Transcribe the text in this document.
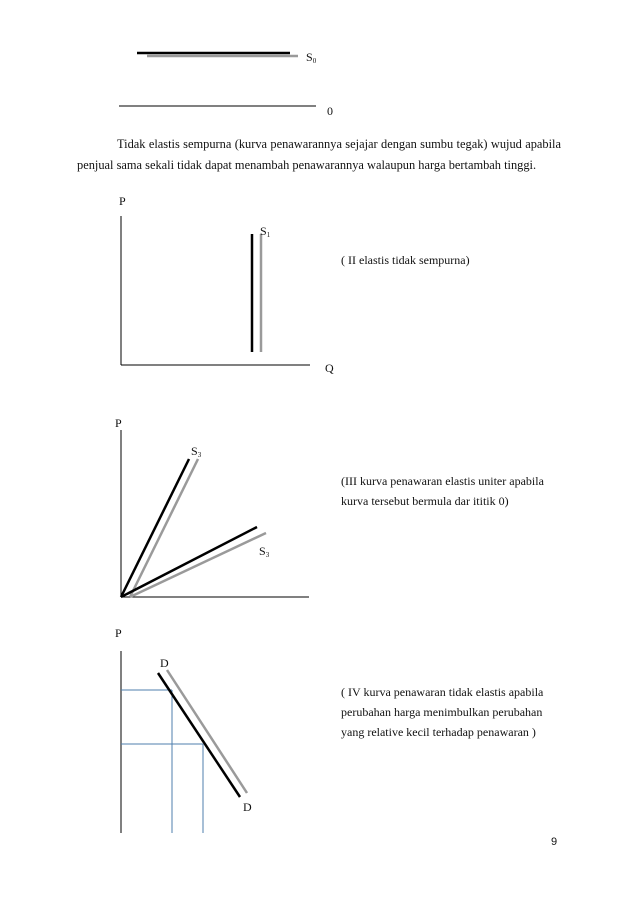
$S_0$
0
Tidak elastis sempurna (kurva penawarannya sejajar dengan sumbu tegak) wujud apabila penjual sama sekali tidak dapat menambah penawarannya walaupun harga bertambah tinggi.
P
$S_1$
Q
( II elastis tidak sempurna)
P
$S_3$
$S_3$
(III kurva penawaran elastis uniter apabila kurva tersebut bermula dar ititik 0)
P
D
D
( IV kurva penawaran tidak elastis apabila perubahan harga menimbulkan perubahan yang relative kecil terhadap penawaran )
9
